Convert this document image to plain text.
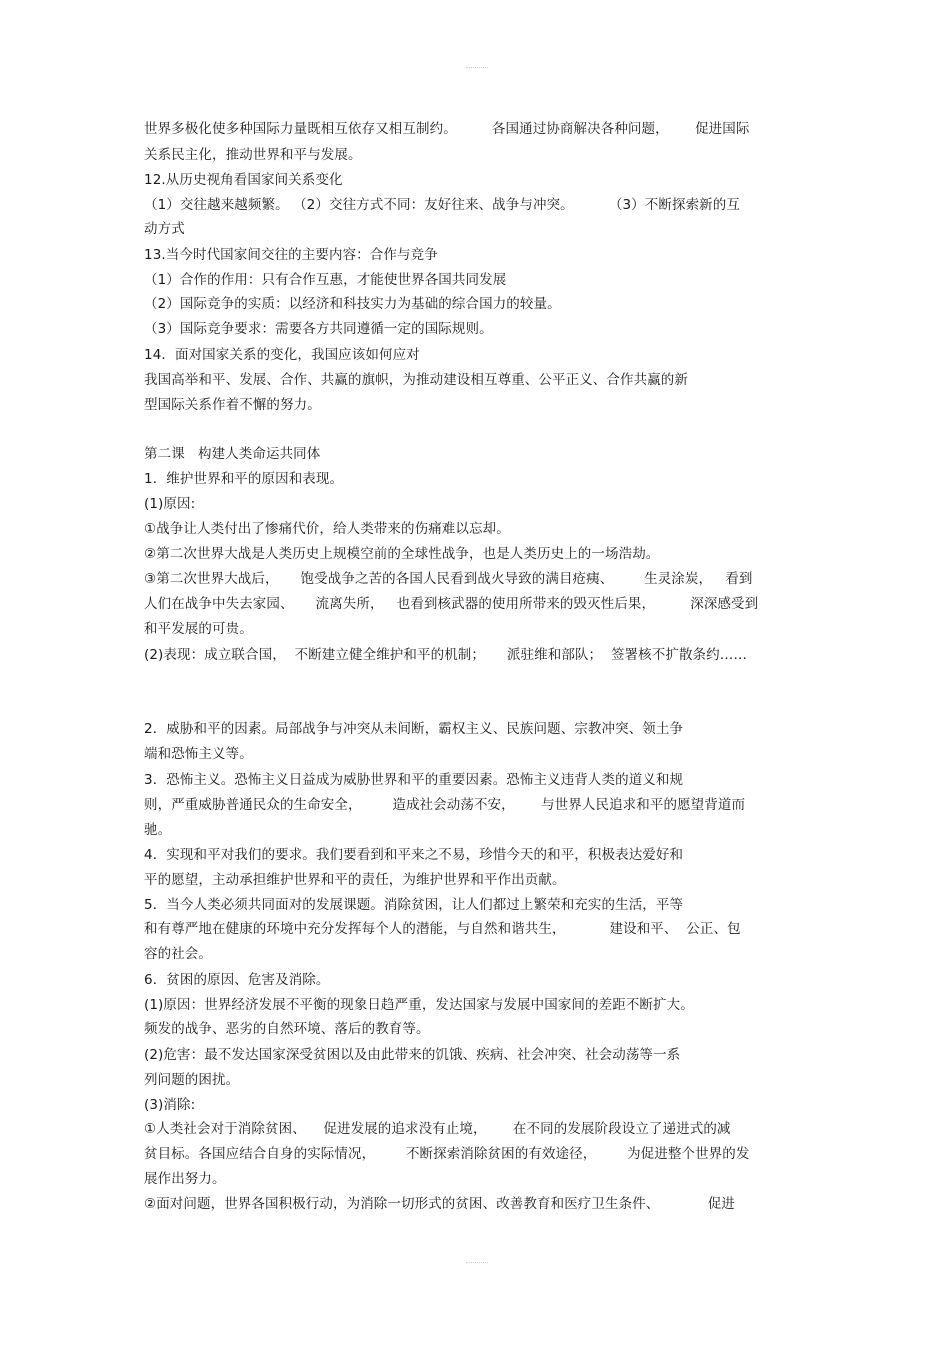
世界多极化使多种国际力量既相互依存又相互制约。        各国通过协商解决各种问题，      促进国际
关系民主化，推动世界和平与发展。
12.从历史视角看国家间关系变化
（1）交往越来越频繁。 （2）交往方式不同：友好往来、战争与冲突。        （3）不断探索新的互
动方式
13.当今时代国家间交往的主要内容：合作与竞争
（1）合作的作用：只有合作互惠，才能使世界各国共同发展
（2）国际竞争的实质：以经济和科技实力为基础的综合国力的较量。
（3）国际竞争要求：需要各方共同遵循一定的国际规则。
14．面对国家关系的变化，我国应该如何应对
我国高举和平、发展、合作、共赢的旗帜，为推动建设相互尊重、公平正义、合作共赢的新
型国际关系作着不懈的努力。
第二课   构建人类命运共同体
1．维护世界和平的原因和表现。
(1)原因:
①战争让人类付出了惨痛代价，给人类带来的伤痛难以忘却。
②第二次世界大战是人类历史上规模空前的全球性战争，也是人类历史上的一场浩劫。
③第二次世界大战后，     饱受战争之苦的各国人民看到战火导致的满目疮痍、       生灵涂炭，   看到
人们在战争中失去家园、     流离失所，   也看到核武器的使用所带来的毁灭性后果，        深深感受到
和平发展的可贵。
(2)表现：成立联合国，  不断建立健全维护和平的机制；     派驻维和部队；  签署核不扩散条约……
2．威胁和平的因素。局部战争与冲突从未间断，霸权主义、民族问题、宗教冲突、领土争
端和恐怖主义等。
3．恐怖主义。恐怖主义日益成为威胁世界和平的重要因素。恐怖主义违背人类的道义和规
则，严重威胁普通民众的生命安全，       造成社会动荡不安，      与世界人民追求和平的愿望背道而
驰。
4．实现和平对我们的要求。我们要看到和平来之不易，珍惜今天的和平，积极表达爱好和
平的愿望，主动承担维护世界和平的责任，为维护世界和平作出贡献。
5．当今人类必须共同面对的发展课题。消除贫困，让人们都过上繁荣和充实的生活，平等
和有尊严地在健康的环境中充分发挥每个人的潜能，与自然和谐共生，          建设和平、  公正、包
容的社会。
6．贫困的原因、危害及消除。
(1)原因：世界经济发展不平衡的现象日趋严重，发达国家与发展中国家间的差距不断扩大。
频发的战争、恶劣的自然环境、落后的教育等。
(2)危害：最不发达国家深受贫困以及由此带来的饥饿、疾病、社会冲突、社会动荡等一系
列问题的困扰。
(3)消除:
①人类社会对于消除贫困、    促进发展的追求没有止境，      在不同的发展阶段设立了递进式的减
贫目标。各国应结合自身的实际情况，       不断探索消除贫困的有效途径，       为促进整个世界的发
展作出努力。
②面对问题，世界各国积极行动，为消除一切形式的贫困、改善教育和医疗卫生条件、           促进
